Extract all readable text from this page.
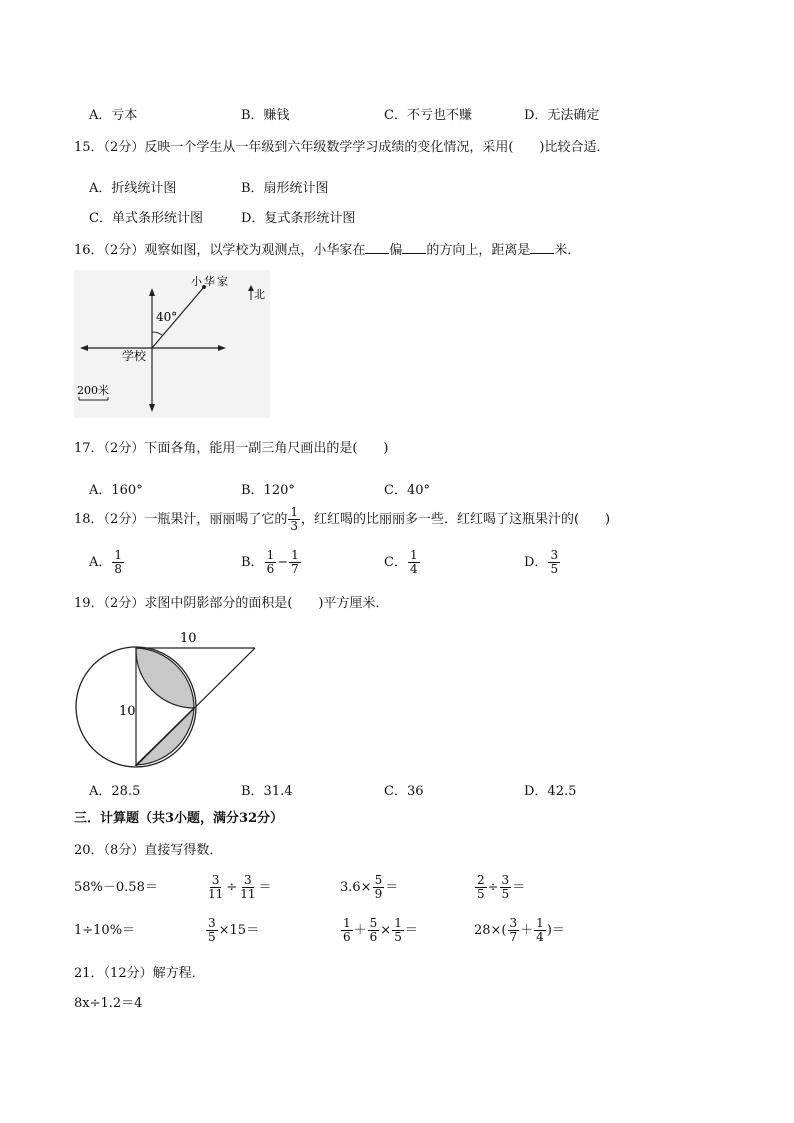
A．亏本	B．赚钱	C．不亏也不赚	D．无法确定
15．（2分）反映一个学生从一年级到六年级数学学习成绩的变化情况，采用(　　)比较合适．
A．折线统计图	B．扇形统计图
C．单式条形统计图	D．复式条形统计图
16．（2分）观察如图，以学校为观测点，小华家在 偏 的方向上，距离是 米．
40°
小华家
北
学校
200米
17．（2分）下面各角，能用一副三角尺画出的是(　　)
A．160°	B．120°	C．40°
18．（2分）一瓶果汁，丽丽喝了它的 $\frac{1}{3}$ ，红红喝的比丽丽多一些．红红喝了这瓶果汁的(　　)
A． $\frac{1}{8}$	B． $\frac{1}{6} - \frac{1}{7}$	C． $\frac{1}{4}$	D． $\frac{3}{5}$
19．（2分）求图中阴影部分的面积是(　　)平方厘米．
10
10
A．28.5	B．31.4	C．36	D．42.5
三．计算题（共3小题，满分32分）
20．（8分）直接写得数．
58%－0.58＝	$\frac{3}{11} \div \frac{3}{11}$ ＝	$3.6\times \frac{5}{9}$ ＝	$\frac{2}{5} \div \frac{3}{5}$ ＝
1÷10%＝	$\frac{3}{5} \times 15=$	$\frac{1}{6} + \frac{5}{6} \times \frac{1}{5}$ ＝	$28\times( \frac{3}{7} + \frac{1}{4}$ )＝
21．（12分）解方程．
8x÷1.2＝4
